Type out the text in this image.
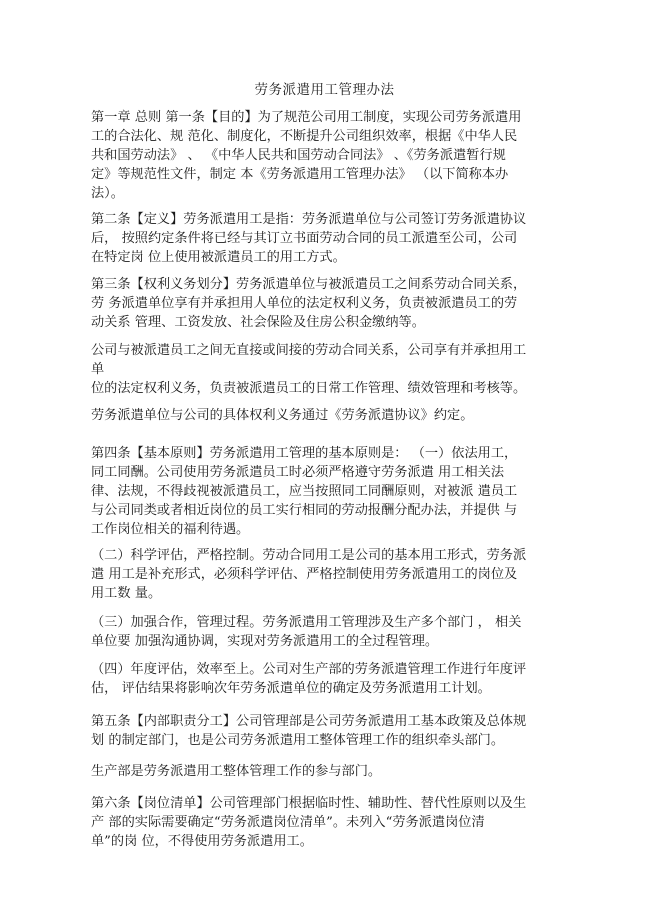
劳务派遣用工管理办法
第一章 总则 第一条【目的】为了规范公司用工制度，实现公司劳务派遣用
工的合法化、规 范化、制度化，不断提升公司组织效率，根据《中华人民
共和国劳动法》 、 《中华人民共和国劳动合同法》 、《劳务派遣暂行规
定》等规范性文件，制定 本《劳务派遣用工管理办法》 （以下简称本办
法）。
第二条【定义】劳务派遣用工是指：劳务派遣单位与公司签订劳务派遣协议
后， 按照约定条件将已经与其订立书面劳动合同的员工派遣至公司，公司
在特定岗 位上使用被派遣员工的用工方式。
第三条【权利义务划分】劳务派遣单位与被派遣员工之间系劳动合同关系，
劳 务派遣单位享有并承担用人单位的法定权利义务，负责被派遣员工的劳
动关系 管理、工资发放、社会保险及住房公积金缴纳等。
公司与被派遣员工之间无直接或间接的劳动合同关系，公司享有并承担用工
单
位的法定权利义务，负责被派遣员工的日常工作管理、绩效管理和考核等。
劳务派遣单位与公司的具体权利义务通过《劳务派遣协议》约定。
第四条【基本原则】劳务派遣用工管理的基本原则是： （一）依法用工，
同工同酬。公司使用劳务派遣员工时必须严格遵守劳务派遣 用工相关法
律、法规，不得歧视被派遣员工，应当按照同工同酬原则，对被派 遣员工
与公司同类或者相近岗位的员工实行相同的劳动报酬分配办法，并提供 与
工作岗位相关的福利待遇。
（二）科学评估，严格控制。劳动合同用工是公司的基本用工形式，劳务派
遣 用工是补充形式，必须科学评估、严格控制使用劳务派遣用工的岗位及
用工数 量。
（三）加强合作，管理过程。劳务派遣用工管理涉及生产多个部门 ， 相关
单位要 加强沟通协调，实现对劳务派遣用工的全过程管理。
（四）年度评估，效率至上。公司对生产部的劳务派遣管理工作进行年度评
估， 评估结果将影响次年劳务派遣单位的确定及劳务派遣用工计划。
第五条【内部职责分工】公司管理部是公司劳务派遣用工基本政策及总体规
划 的制定部门，也是公司劳务派遣用工整体管理工作的组织牵头部门。
生产部是劳务派遣用工整体管理工作的参与部门。
第六条【岗位清单】公司管理部门根据临时性、辅助性、替代性原则以及生
产 部的实际需要确定“劳务派遣岗位清单”。未列入“劳务派遣岗位清
单”的岗 位，不得使用劳务派遣用工。
